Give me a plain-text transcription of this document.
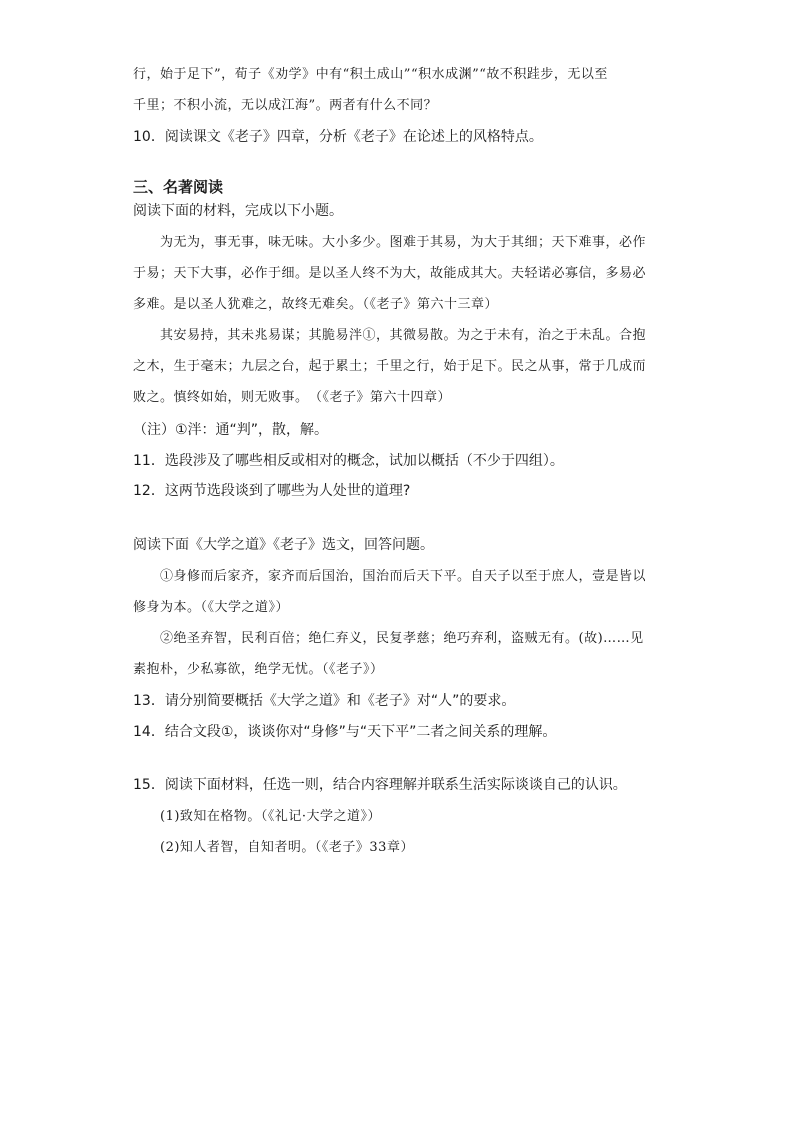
行，始于足下”，荀子《劝学》中有“积土成山”“积水成渊”“故不积跬步，无以至
千里；不积小流，无以成江海”。两者有什么不同？
10．阅读课文《老子》四章，分析《老子》在论述上的风格特点。
三、名著阅读
阅读下面的材料，完成以下小题。
为无为，事无事，味无味。大小多少。图难于其易，为大于其细；天下难事，必作
于易；天下大事，必作于细。是以圣人终不为大，故能成其大。夫轻诺必寡信，多易必
多难。是以圣人犹难之，故终无难矣。（《老子》第六十三章）
其安易持，其未兆易谋；其脆易泮①，其微易散。为之于未有，治之于未乱。合抱
之木，生于毫末；九层之台，起于累土；千里之行，始于足下。民之从事，常于几成而
败之。慎终如始，则无败事。　（《老子》第六十四章）
（注）①泮：通“判”，散，解。
11．选段涉及了哪些相反或相对的概念，试加以概括（不少于四组）。
12．这两节选段谈到了哪些为人处世的道理?
阅读下面《大学之道》《老子》选文，回答问题。
①身修而后家齐，家齐而后国治，国治而后天下平。自天子以至于庶人，壹是皆以
修身为本。（《大学之道》）
②绝圣弃智，民利百倍；绝仁弃义，民复孝慈；绝巧弃利，盗贼无有。(故)……见
素抱朴，少私寡欲，绝学无忧。（《老子》）
13．请分别简要概括《大学之道》和《老子》对“人”的要求。
14．结合文段①，谈谈你对“身修”与“天下平”二者之间关系的理解。
15．阅读下面材料，任选一则，结合内容理解并联系生活实际谈谈自己的认识。
(1)致知在格物。（《礼记·大学之道》）
(2)知人者智，自知者明。（《老子》33章）
